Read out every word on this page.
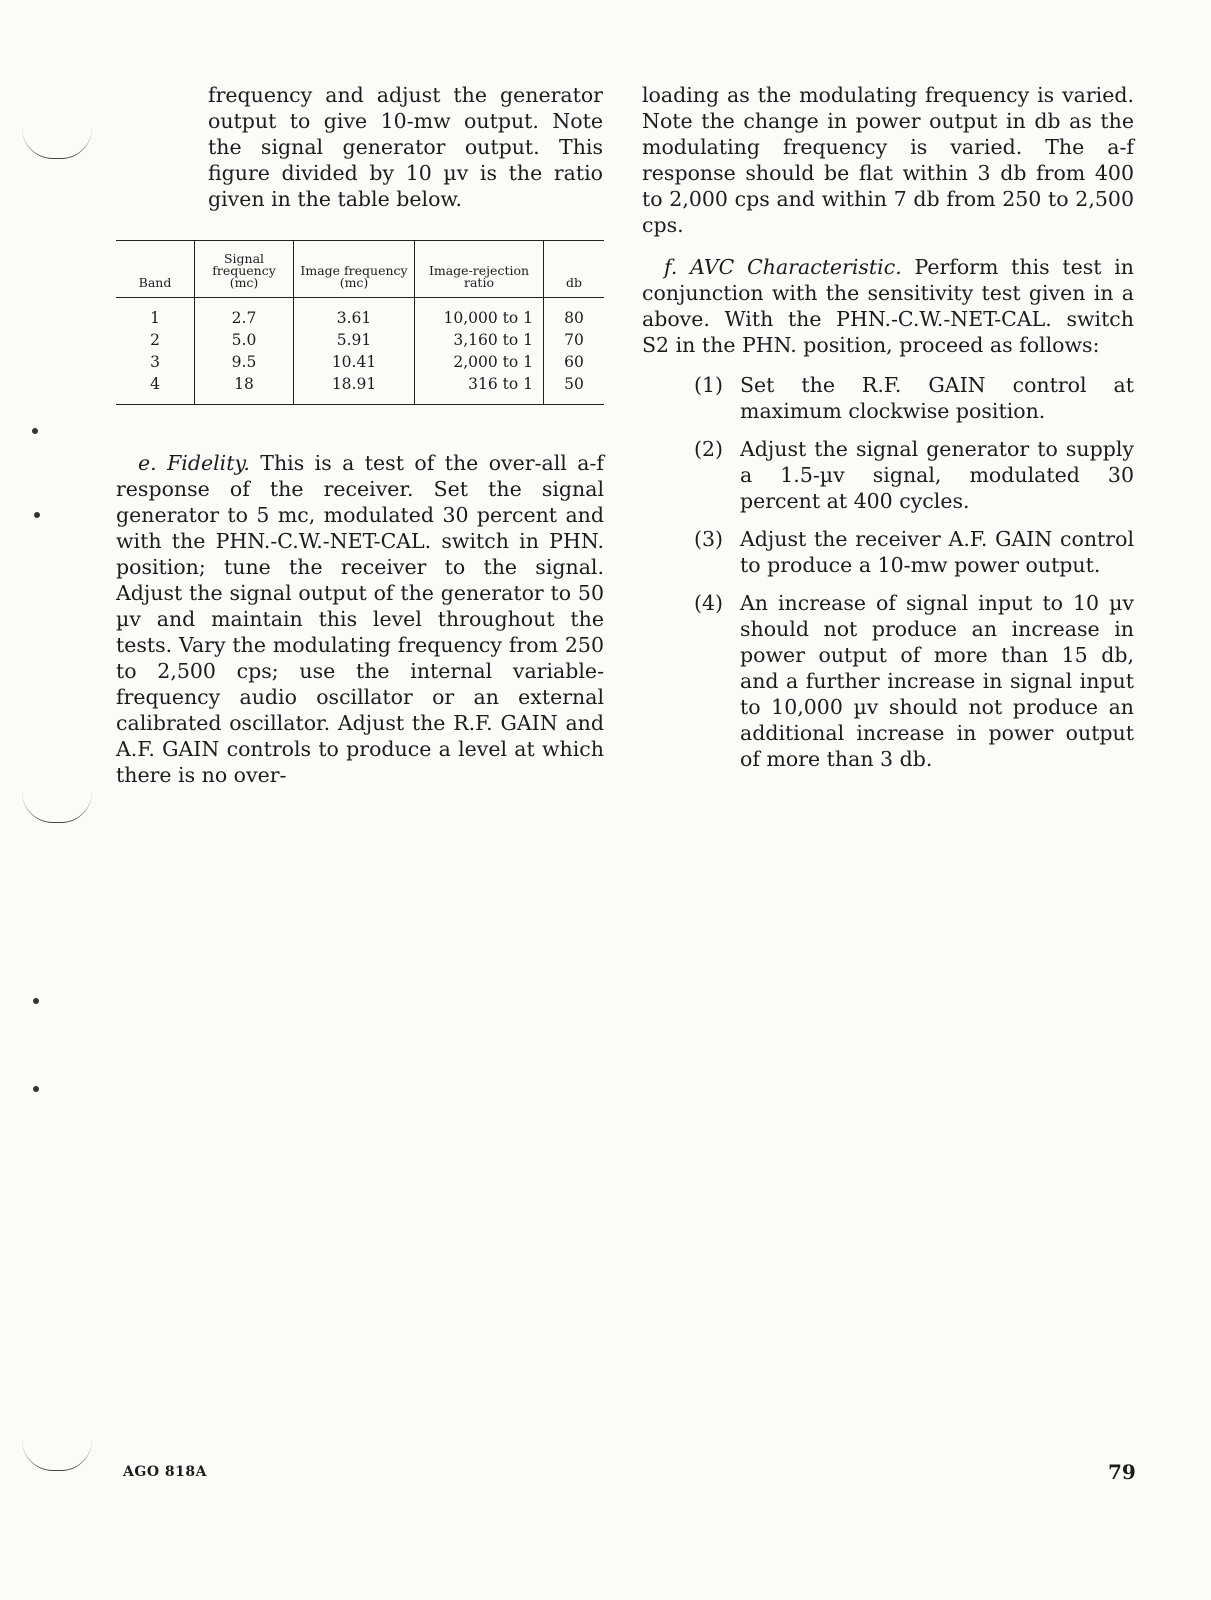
frequency and adjust the generator output to give 10-mw output. Note the signal generator output. This figure divided by 10 µv is the ratio given in the table below.

Band	Signal frequency (mc)	Image frequency (mc)	Image-rejection ratio	db
1	2.7	3.61	10,000 to 1	80
2	5.0	5.91	3,160 to 1	70
3	9.5	10.41	2,000 to 1	60
4	18	18.91	316 to 1	50

e. Fidelity. This is a test of the over-all a-f response of the receiver. Set the signal generator to 5 mc, modulated 30 percent and with the PHN.-C.W.-NET-CAL. switch in PHN. position; tune the receiver to the signal. Adjust the signal output of the generator to 50 µv and maintain this level throughout the tests. Vary the modulating frequency from 250 to 2,500 cps; use the internal variable-frequency audio oscillator or an external calibrated oscillator. Adjust the R.F. GAIN and A.F. GAIN controls to produce a level at which there is no over-

loading as the modulating frequency is varied. Note the change in power output in db as the modulating frequency is varied. The a-f response should be flat within 3 db from 400 to 2,000 cps and within 7 db from 250 to 2,500 cps.

f. AVC Characteristic. Perform this test in conjunction with the sensitivity test given in a above. With the PHN.-C.W.-NET-CAL. switch S2 in the PHN. position, proceed as follows:

(1) Set the R.F. GAIN control at maximum clockwise position.
(2) Adjust the signal generator to supply a 1.5-µv signal, modulated 30 percent at 400 cycles.
(3) Adjust the receiver A.F. GAIN control to produce a 10-mw power output.
(4) An increase of signal input to 10 µv should not produce an increase in power output of more than 15 db, and a further increase in signal input to 10,000 µv should not produce an additional increase in power output of more than 3 db.
AGO 818A	79
